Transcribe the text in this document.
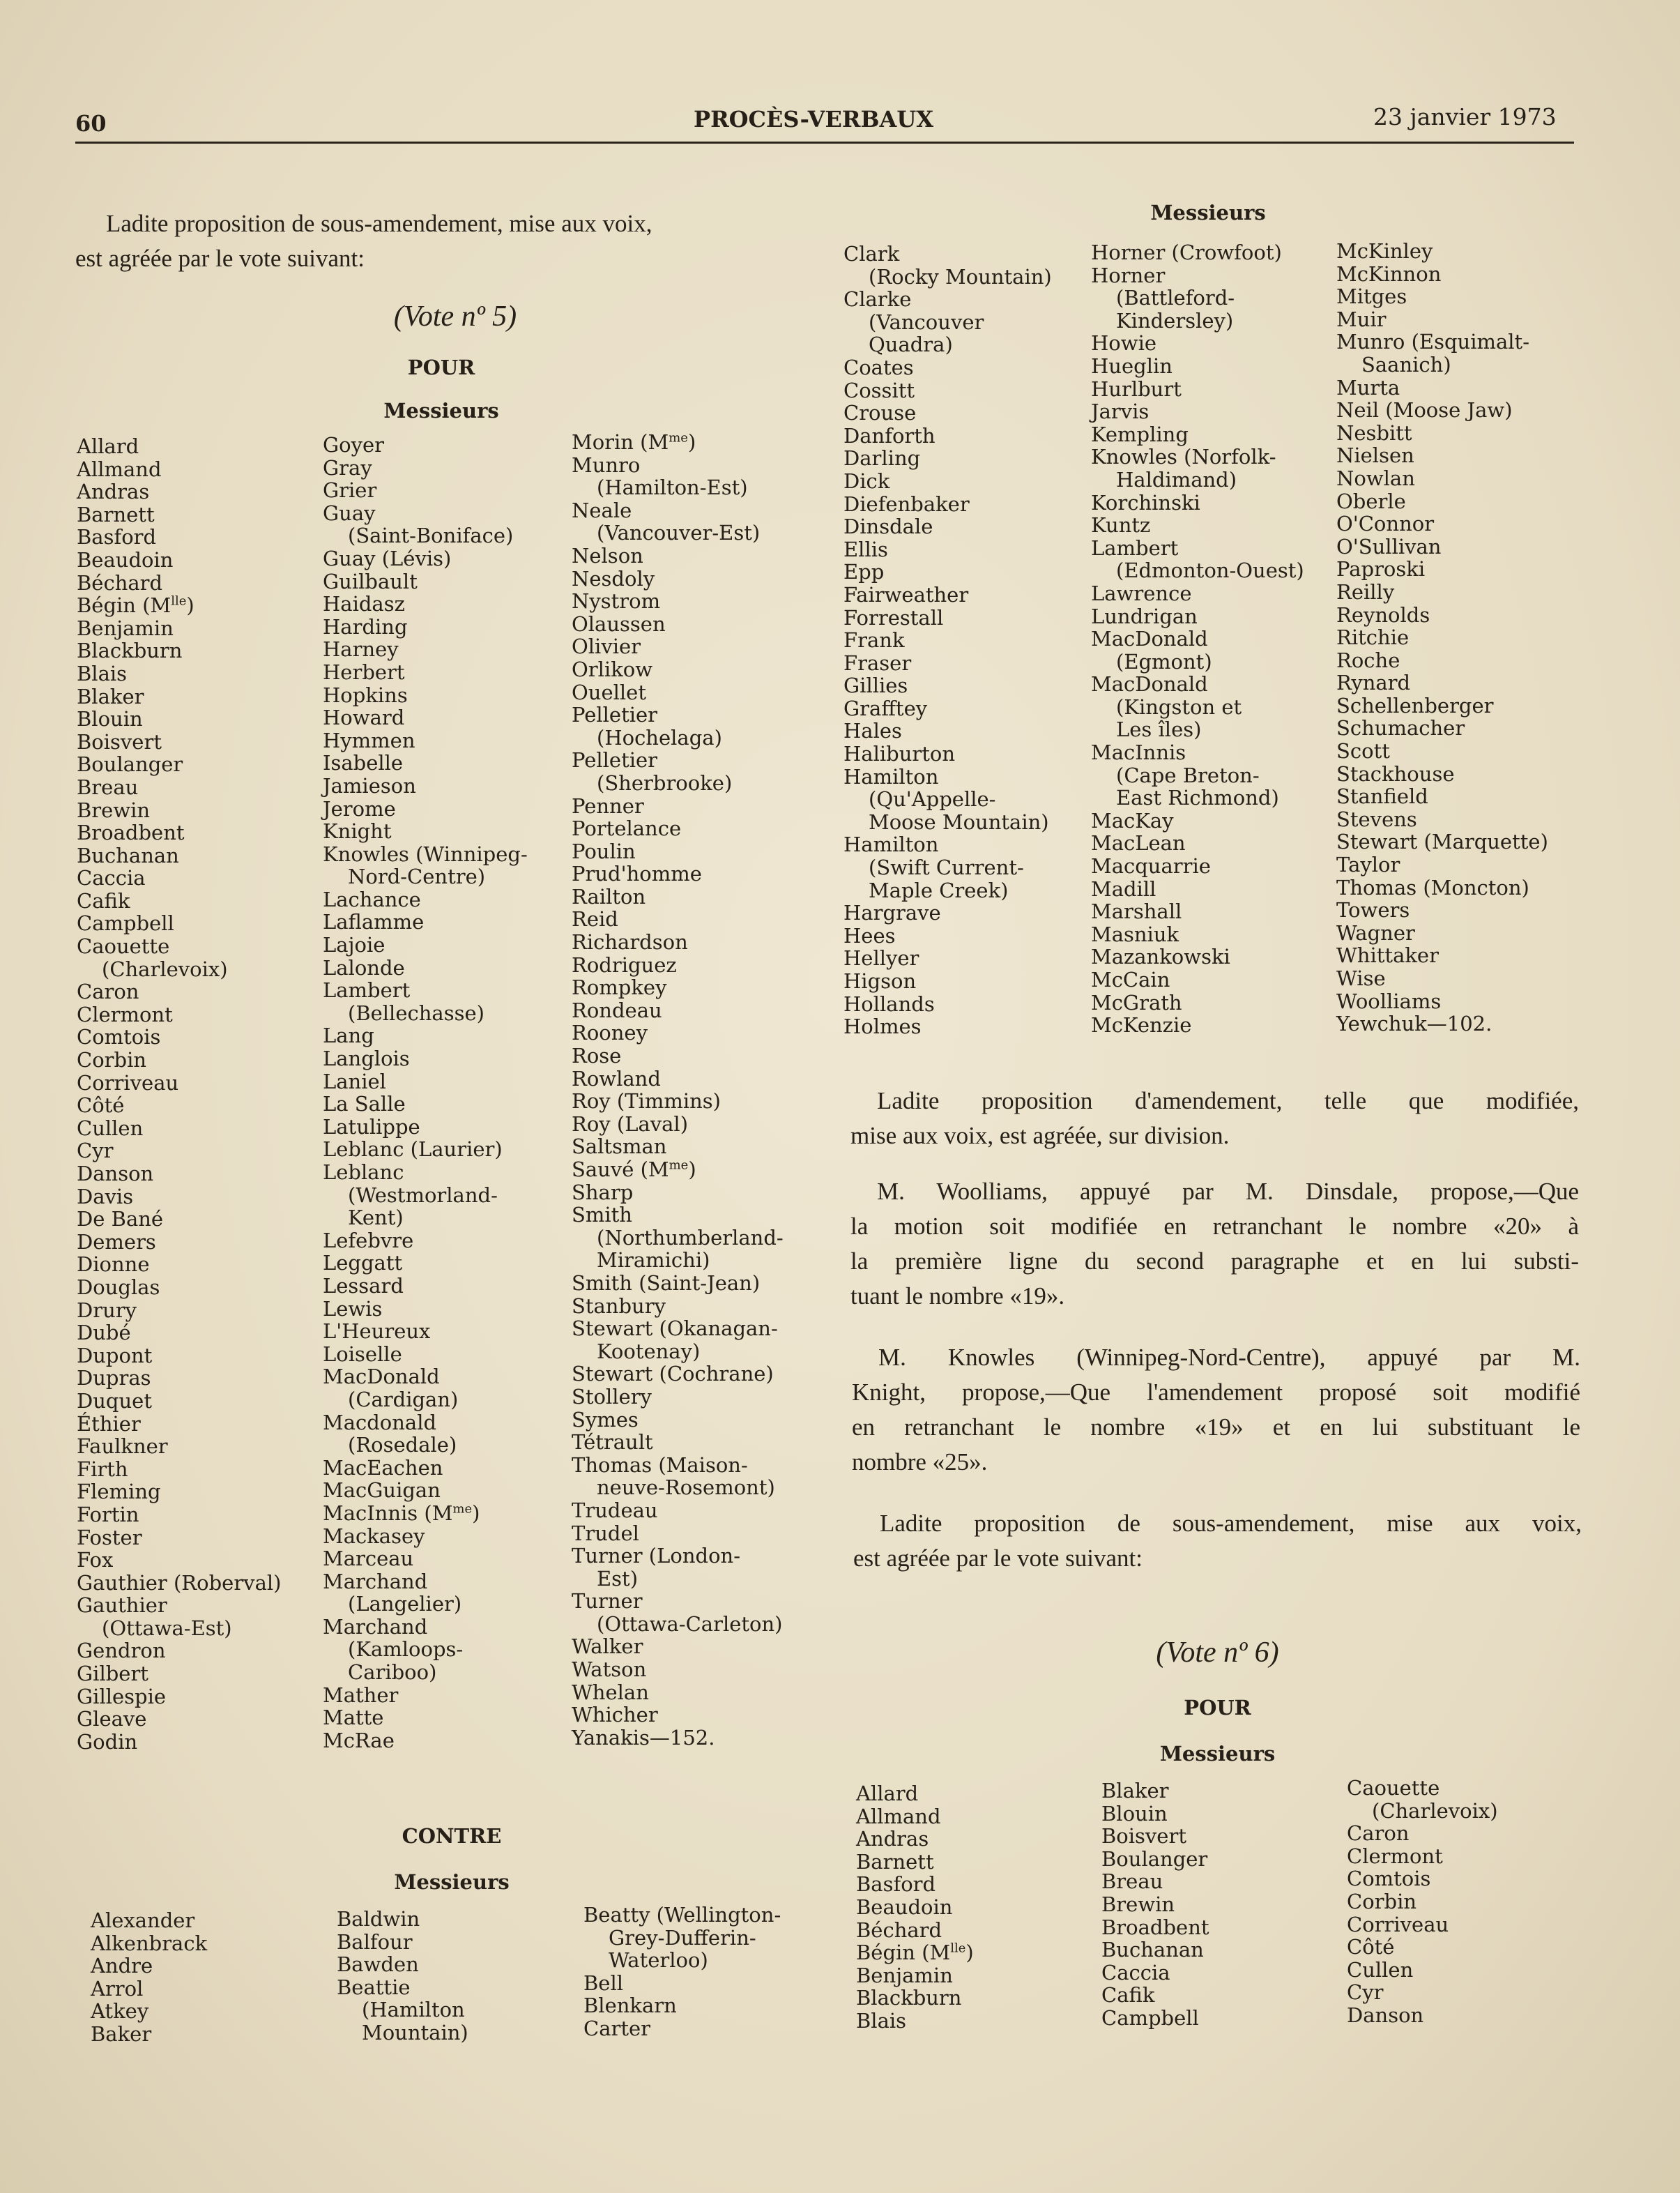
60	PROCÈS-VERBAUX	23 janvier 1973
Ladite proposition de sous-amendement, mise aux voix,
est agréée par le vote suivant:
(Vote nº 5)
POUR
Messieurs
Allard
Allmand
Andras
Barnett
Basford
Beaudoin
Béchard
Bégin $(M^{lle})$
Benjamin
Blackburn
Blais
Blaker
Blouin
Boisvert
Boulanger
Breau
Brewin
Broadbent
Buchanan
Caccia
Cafik
Campbell
Caouette
(Charlevoix)
Caron
Clermont
Comtois
Corbin
Corriveau
Côté
Cullen
Cyr
Danson
Davis
De Bané
Demers
Dionne
Douglas
Drury
Dubé
Dupont
Dupras
Duquet
Éthier
Faulkner
Firth
Fleming
Fortin
Foster
Fox
Gauthier (Roberval)
Gauthier
(Ottawa-Est)
Gendron
Gilbert
Gillespie
Gleave
Godin
Goyer
Gray
Grier
Guay
(Saint-Boniface)
Guay (Lévis)
Guilbault
Haidasz
Harding
Harney
Herbert
Hopkins
Howard
Hymmen
Isabelle
Jamieson
Jerome
Knight
Knowles (Winnipeg-
Nord-Centre)
Lachance
Laflamme
Lajoie
Lalonde
Lambert
(Bellechasse)
Lang
Langlois
Laniel
La Salle
Latulippe
Leblanc (Laurier)
Leblanc
(Westmorland-
Kent)
Lefebvre
Leggatt
Lessard
Lewis
L'Heureux
Loiselle
MacDonald
(Cardigan)
Macdonald
(Rosedale)
MacEachen
MacGuigan
MacInnis $(M^{me})$
Mackasey
Marceau
Marchand
(Langelier)
Marchand
(Kamloops-
Cariboo)
Mather
Matte
McRae
Morin $(M^{me})$
Munro
(Hamilton-Est)
Neale
(Vancouver-Est)
Nelson
Nesdoly
Nystrom
Olaussen
Olivier
Orlikow
Ouellet
Pelletier
(Hochelaga)
Pelletier
(Sherbrooke)
Penner
Portelance
Poulin
Prud'homme
Railton
Reid
Richardson
Rodriguez
Rompkey
Rondeau
Rooney
Rose
Rowland
Roy (Timmins)
Roy (Laval)
Saltsman
Sauvé $(M^{me})$
Sharp
Smith
(Northumberland-
Miramichi)
Smith (Saint-Jean)
Stanbury
Stewart (Okanagan-
Kootenay)
Stewart (Cochrane)
Stollery
Symes
Tétrault
Thomas (Maison-
neuve-Rosemont)
Trudeau
Trudel
Turner (London-
Est)
Turner
(Ottawa-Carleton)
Walker
Watson
Whelan
Whicher
Yanakis—152.
CONTRE
Messieurs
Alexander
Alkenbrack
Andre
Arrol
Atkey
Baker
Baldwin
Balfour
Bawden
Beattie
(Hamilton
Mountain)
Beatty (Wellington-
Grey-Dufferin-
Waterloo)
Bell
Blenkarn
Carter
Messieurs
Clark
(Rocky Mountain)
Clarke
(Vancouver
Quadra)
Coates
Cossitt
Crouse
Danforth
Darling
Dick
Diefenbaker
Dinsdale
Ellis
Epp
Fairweather
Forrestall
Frank
Fraser
Gillies
Grafftey
Hales
Haliburton
Hamilton
(Qu'Appelle-
Moose Mountain)
Hamilton
(Swift Current-
Maple Creek)
Hargrave
Hees
Hellyer
Higson
Hollands
Holmes
Horner (Crowfoot)
Horner
(Battleford-
Kindersley)
Howie
Hueglin
Hurlburt
Jarvis
Kempling
Knowles (Norfolk-
Haldimand)
Korchinski
Kuntz
Lambert
(Edmonton-Ouest)
Lawrence
Lundrigan
MacDonald
(Egmont)
MacDonald
(Kingston et
Les îles)
MacInnis
(Cape Breton-
East Richmond)
MacKay
MacLean
Macquarrie
Madill
Marshall
Masniuk
Mazankowski
McCain
McGrath
McKenzie
McKinley
McKinnon
Mitges
Muir
Munro (Esquimalt-
Saanich)
Murta
Neil (Moose Jaw)
Nesbitt
Nielsen
Nowlan
Oberle
O'Connor
O'Sullivan
Paproski
Reilly
Reynolds
Ritchie
Roche
Rynard
Schellenberger
Schumacher
Scott
Stackhouse
Stanfield
Stevens
Stewart (Marquette)
Taylor
Thomas (Moncton)
Towers
Wagner
Whittaker
Wise
Woolliams
Yewchuk—102.
Ladite proposition d'amendement, telle que modifiée,
mise aux voix, est agréée, sur division.
M. Woolliams, appuyé par M. Dinsdale, propose,—Que
la motion soit modifiée en retranchant le nombre «20» à
la première ligne du second paragraphe et en lui substi-
tuant le nombre «19».
M. Knowles (Winnipeg-Nord-Centre), appuyé par M.
Knight, propose,—Que l'amendement proposé soit modifié
en retranchant le nombre «19» et en lui substituant le
nombre «25».
Ladite proposition de sous-amendement, mise aux voix,
est agréée par le vote suivant:
(Vote nº 6)
POUR
Messieurs
Allard
Allmand
Andras
Barnett
Basford
Beaudoin
Béchard
Bégin $(M^{lle})$
Benjamin
Blackburn
Blais
Blaker
Blouin
Boisvert
Boulanger
Breau
Brewin
Broadbent
Buchanan
Caccia
Cafik
Campbell
Caouette
(Charlevoix)
Caron
Clermont
Comtois
Corbin
Corriveau
Côté
Cullen
Cyr
Danson
